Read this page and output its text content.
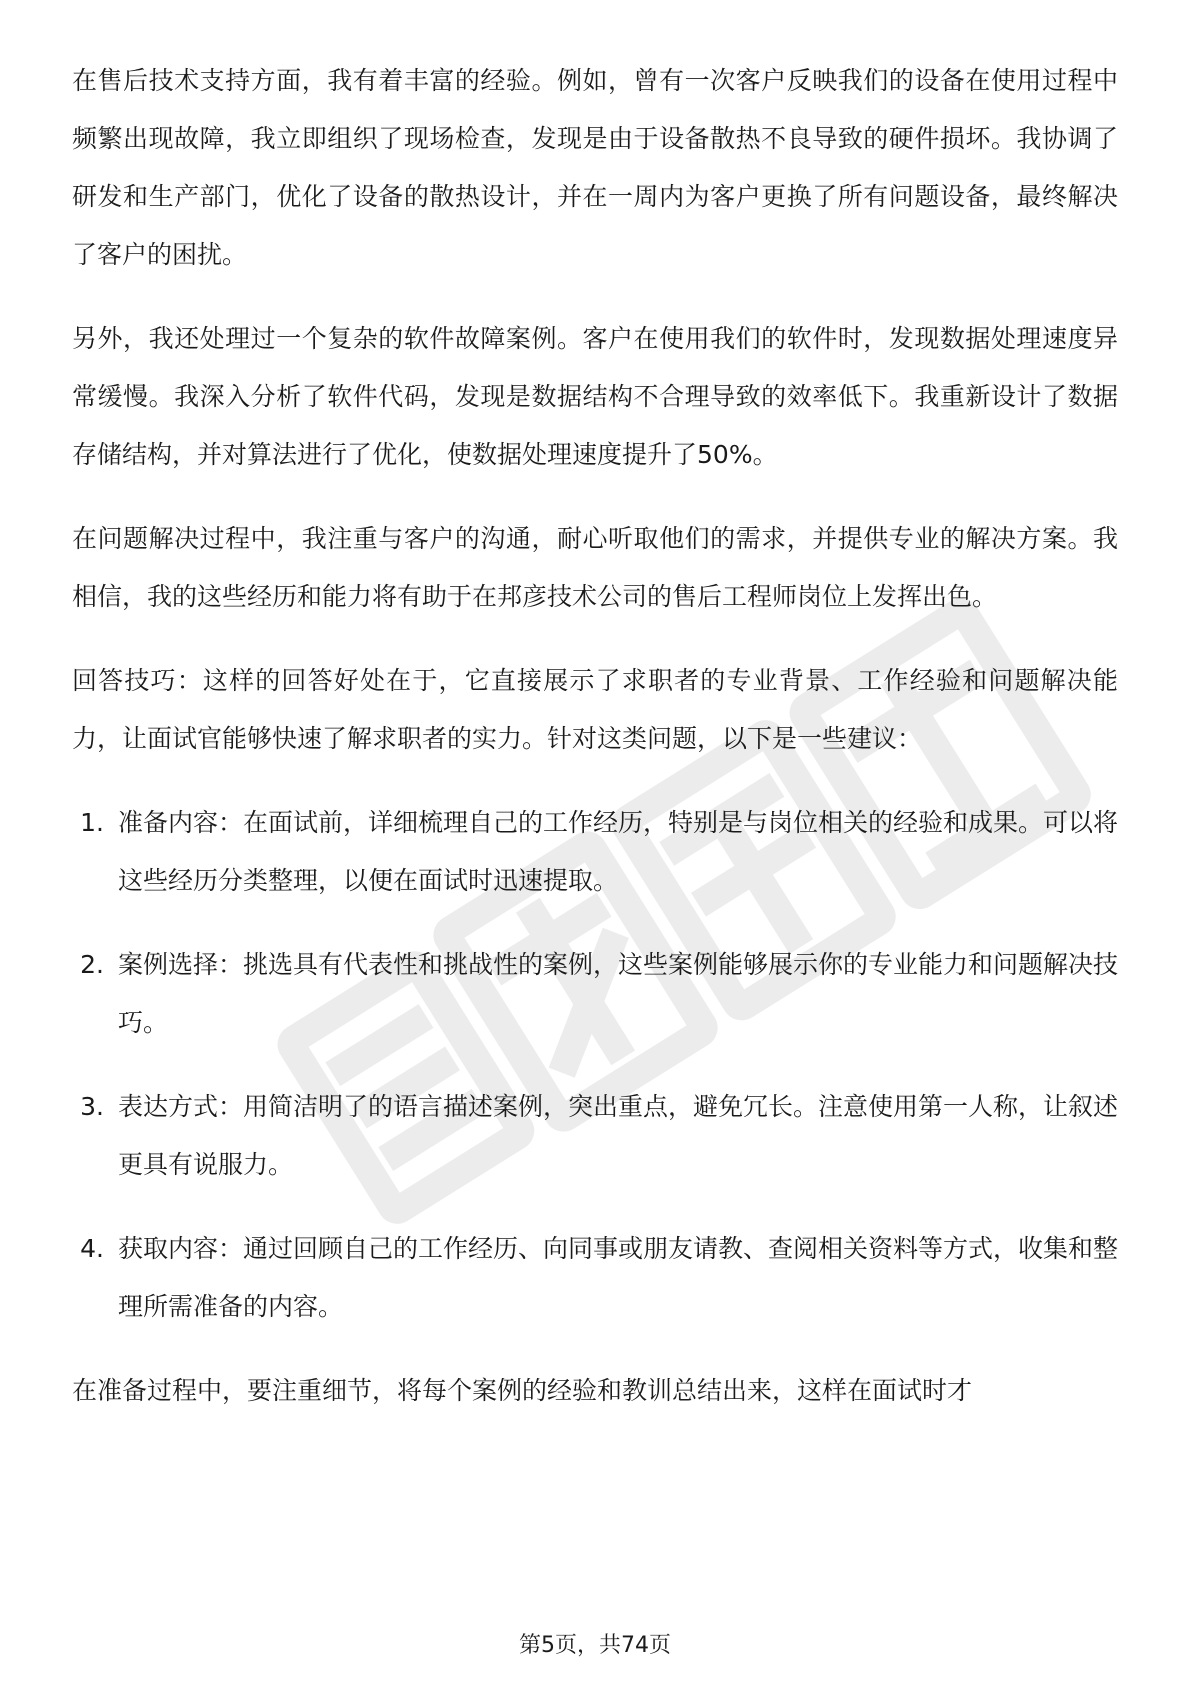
在售后技术支持方面，我有着丰富的经验。例如，曾有一次客户反映我们的设备在使用过程中频繁出现故障，我立即组织了现场检查，发现是由于设备散热不良导致的硬件损坏。我协调了研发和生产部门，优化了设备的散热设计，并在一周内为客户更换了所有问题设备，最终解决了客户的困扰。

另外，我还处理过一个复杂的软件故障案例。客户在使用我们的软件时，发现数据处理速度异常缓慢。我深入分析了软件代码，发现是数据结构不合理导致的效率低下。我重新设计了数据存储结构，并对算法进行了优化，使数据处理速度提升了50%。

在问题解决过程中，我注重与客户的沟通，耐心听取他们的需求，并提供专业的解决方案。我相信，我的这些经历和能力将有助于在邦彦技术公司的售后工程师岗位上发挥出色。

回答技巧：这样的回答好处在于，它直接展示了求职者的专业背景、工作经验和问题解决能力，让面试官能够快速了解求职者的实力。针对这类问题，以下是一些建议：

1. 准备内容：在面试前，详细梳理自己的工作经历，特别是与岗位相关的经验和成果。可以将这些经历分类整理，以便在面试时迅速提取。
2. 案例选择：挑选具有代表性和挑战性的案例，这些案例能够展示你的专业能力和问题解决技巧。
3. 表达方式：用简洁明了的语言描述案例，突出重点，避免冗长。注意使用第一人称，让叙述更具有说服力。
4. 获取内容：通过回顾自己的工作经历、向同事或朋友请教、查阅相关资料等方式，收集和整理所需准备的内容。

在准备过程中，要注重细节，将每个案例的经验和教训总结出来，这样在面试时才

第5页，共74页
